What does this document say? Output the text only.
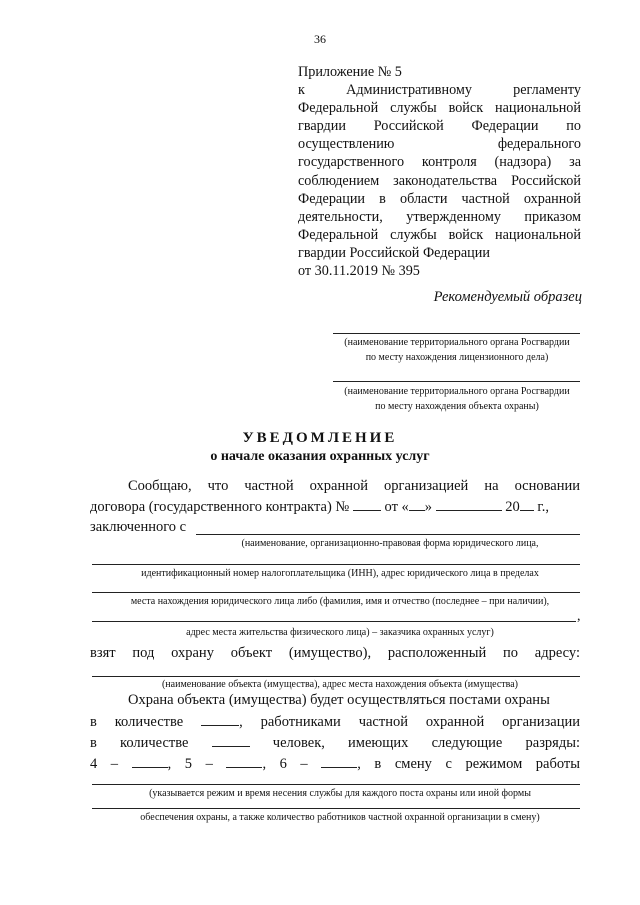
36
Приложение № 5
к Административному регламенту
Федеральной службы войск национальной
гвардии Российской Федерации по
осуществлению федерального
государственного контроля (надзора) за
соблюдением законодательства Российской
Федерации в области частной охранной
деятельности, утвержденному приказом
Федеральной службы войск национальной
гвардии Российской Федерации
от 30.11.2019 № 395
Рекомендуемый образец
(наименование территориального органа Росгвардии
по месту нахождения лицензионного дела)
(наименование территориального органа Росгвардии
по месту нахождения объекта охраны)
УВЕДОМЛЕНИЕ
о начале оказания охранных услуг
Сообщаю, что частной охранной организацией на основании
договора (государственного контракта) № от « »	20 г.,
заключенного с
(наименование, организационно-правовая форма юридического лица,
идентификационный номер налогоплательщика (ИНН), адрес юридического лица в пределах
места нахождения юридического лица либо (фамилия, имя и отчество (последнее – при наличии),
,
адрес места жительства физического лица) – заказчика охранных услуг)
взят под охрану объект (имущество), расположенный по адресу:
(наименование объекта (имущества), адрес места нахождения объекта (имущества)
Охрана объекта (имущества) будет осуществляться постами охраны
в количестве	, работниками частной охранной организации
в количестве	человек, имеющих следующие разряды:
4 –	, 5 –	, 6 –	, в смену с режимом работы
(указывается режим и время несения службы для каждого поста охраны или иной формы
обеспечения охраны, а также количество работников частной охранной организации в смену)
